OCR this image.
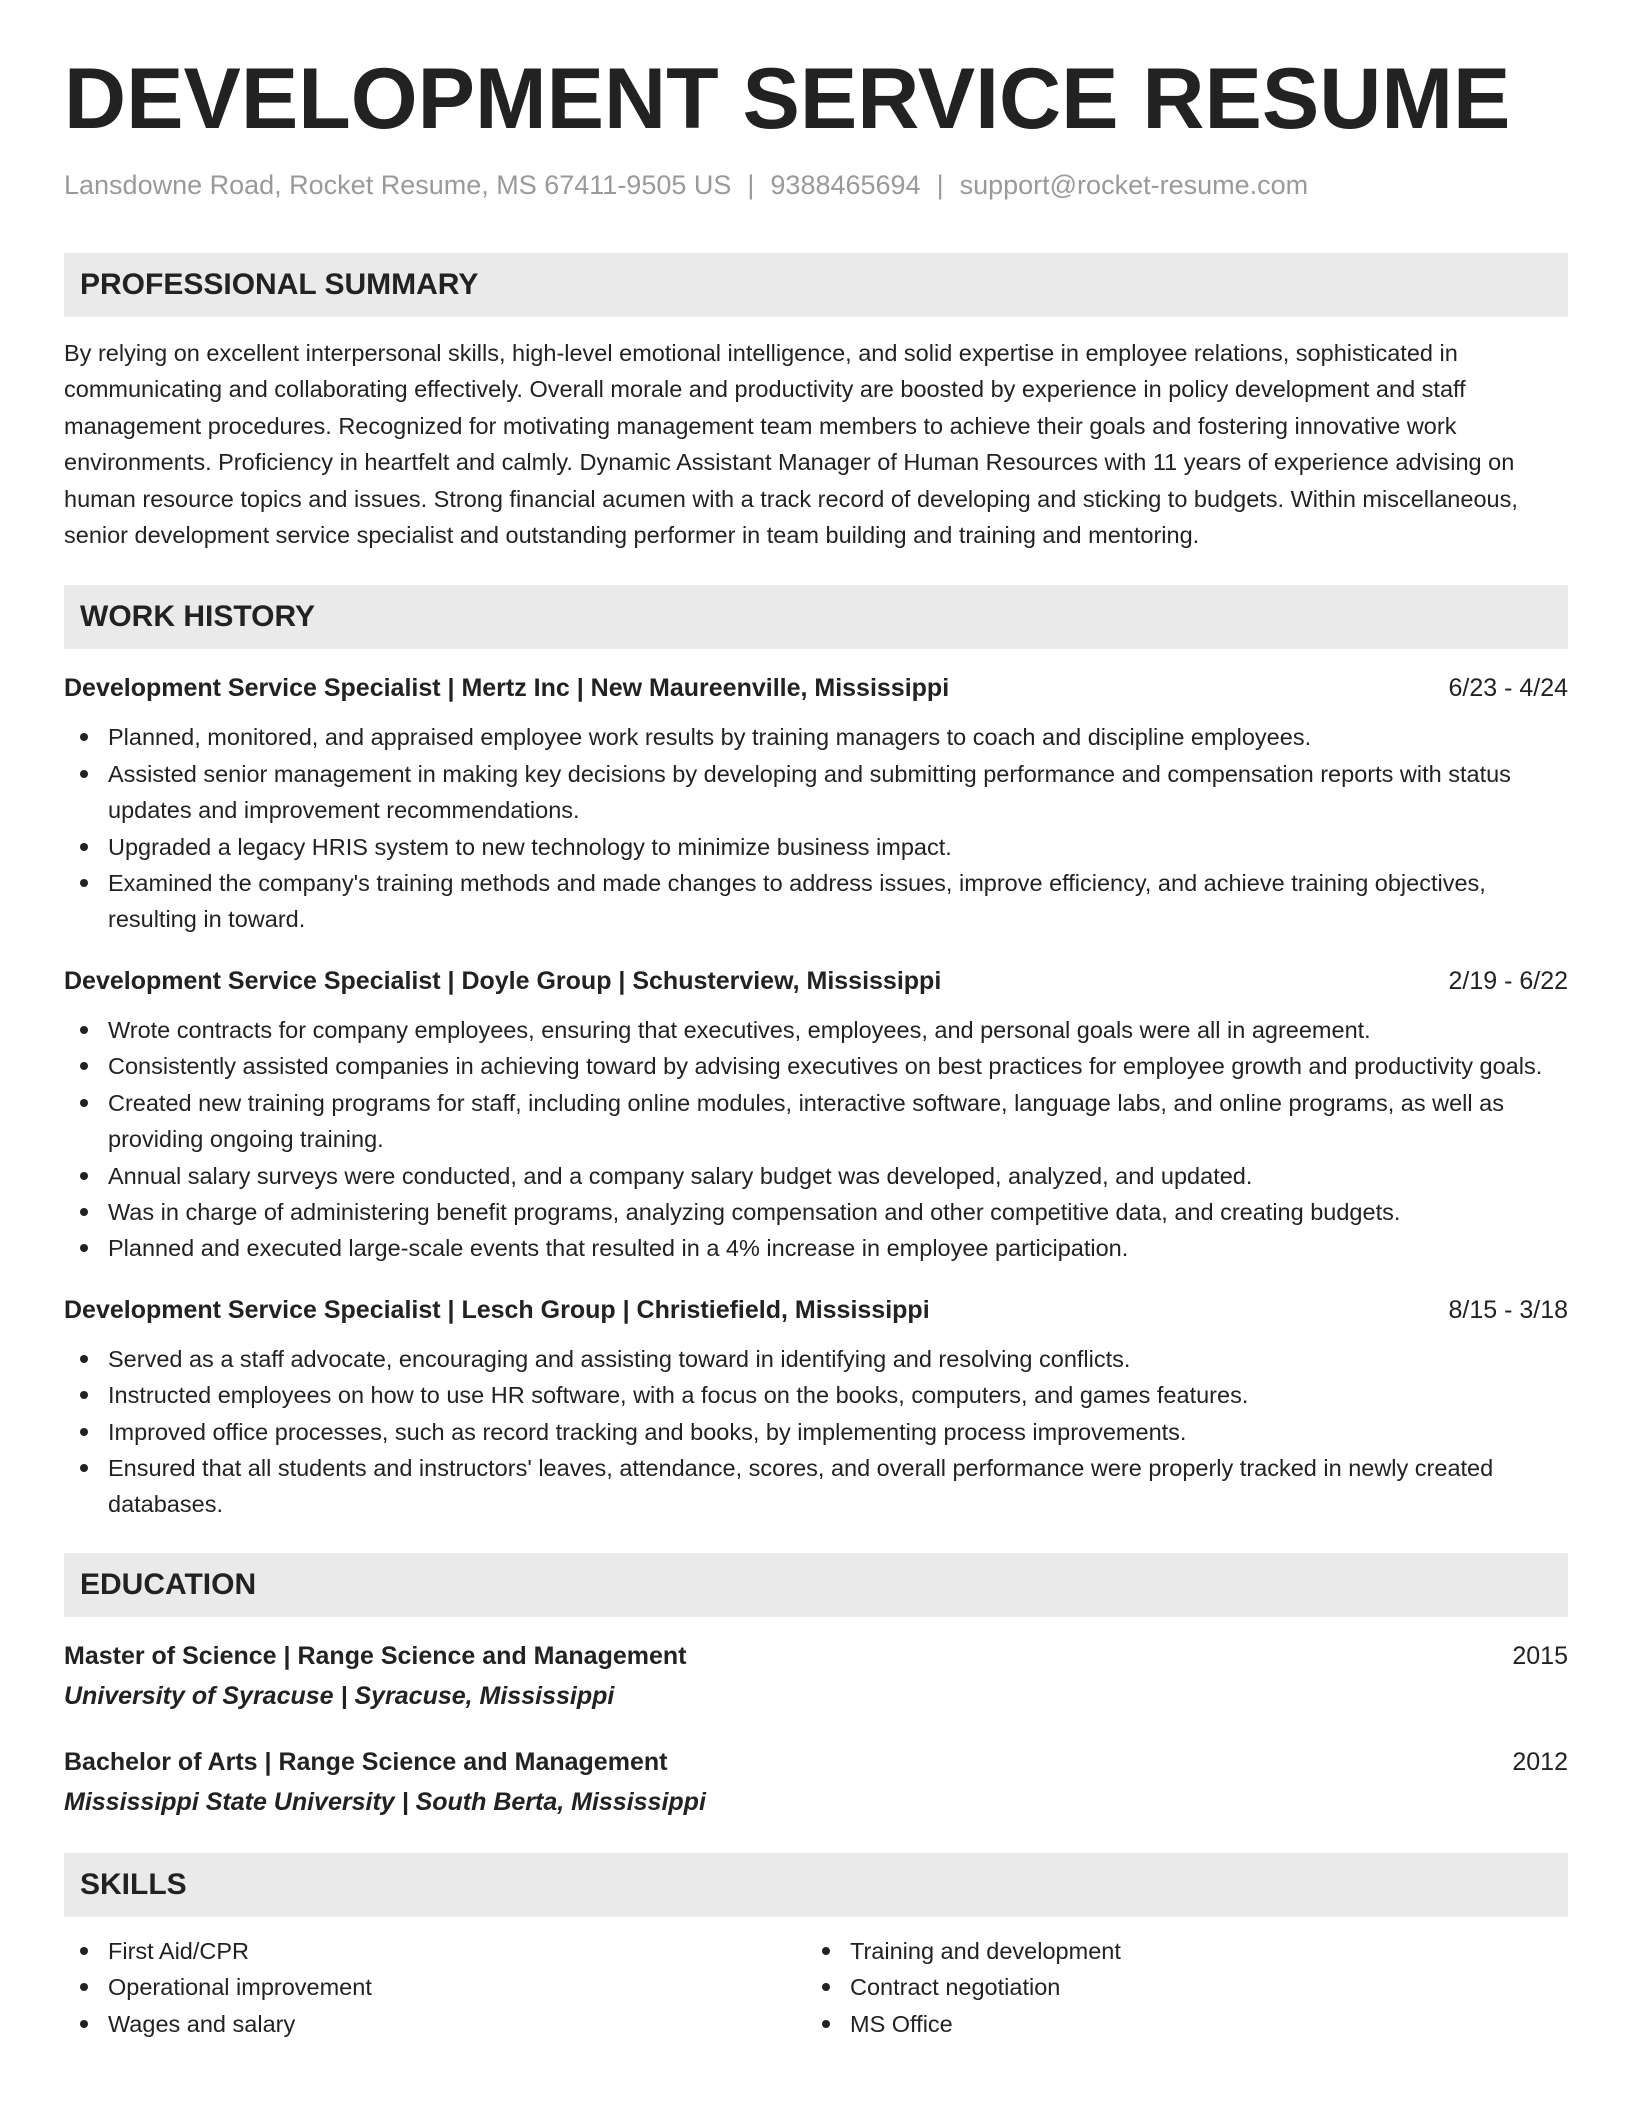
DEVELOPMENT SERVICE RESUME
Lansdowne Road, Rocket Resume, MS 67411-9505 US | 9388465694 | support@rocket-resume.com
PROFESSIONAL SUMMARY
By relying on excellent interpersonal skills, high-level emotional intelligence, and solid expertise in employee relations, sophisticated in communicating and collaborating effectively. Overall morale and productivity are boosted by experience in policy development and staff management procedures. Recognized for motivating management team members to achieve their goals and fostering innovative work environments. Proficiency in heartfelt and calmly. Dynamic Assistant Manager of Human Resources with 11 years of experience advising on human resource topics and issues. Strong financial acumen with a track record of developing and sticking to budgets. Within miscellaneous, senior development service specialist and outstanding performer in team building and training and mentoring.
WORK HISTORY
Development Service Specialist | Mertz Inc | New Maureenville, Mississippi	6/23 - 4/24
Planned, monitored, and appraised employee work results by training managers to coach and discipline employees.
Assisted senior management in making key decisions by developing and submitting performance and compensation reports with status updates and improvement recommendations.
Upgraded a legacy HRIS system to new technology to minimize business impact.
Examined the company's training methods and made changes to address issues, improve efficiency, and achieve training objectives, resulting in toward.
Development Service Specialist | Doyle Group | Schusterview, Mississippi	2/19 - 6/22
Wrote contracts for company employees, ensuring that executives, employees, and personal goals were all in agreement.
Consistently assisted companies in achieving toward by advising executives on best practices for employee growth and productivity goals.
Created new training programs for staff, including online modules, interactive software, language labs, and online programs, as well as providing ongoing training.
Annual salary surveys were conducted, and a company salary budget was developed, analyzed, and updated.
Was in charge of administering benefit programs, analyzing compensation and other competitive data, and creating budgets.
Planned and executed large-scale events that resulted in a 4% increase in employee participation.
Development Service Specialist | Lesch Group | Christiefield, Mississippi	8/15 - 3/18
Served as a staff advocate, encouraging and assisting toward in identifying and resolving conflicts.
Instructed employees on how to use HR software, with a focus on the books, computers, and games features.
Improved office processes, such as record tracking and books, by implementing process improvements.
Ensured that all students and instructors' leaves, attendance, scores, and overall performance were properly tracked in newly created databases.
EDUCATION
Master of Science | Range Science and Management	2015
University of Syracuse | Syracuse, Mississippi
Bachelor of Arts | Range Science and Management	2012
Mississippi State University | South Berta, Mississippi
SKILLS
First Aid/CPR
Operational improvement
Wages and salary
Training and development
Contract negotiation
MS Office
